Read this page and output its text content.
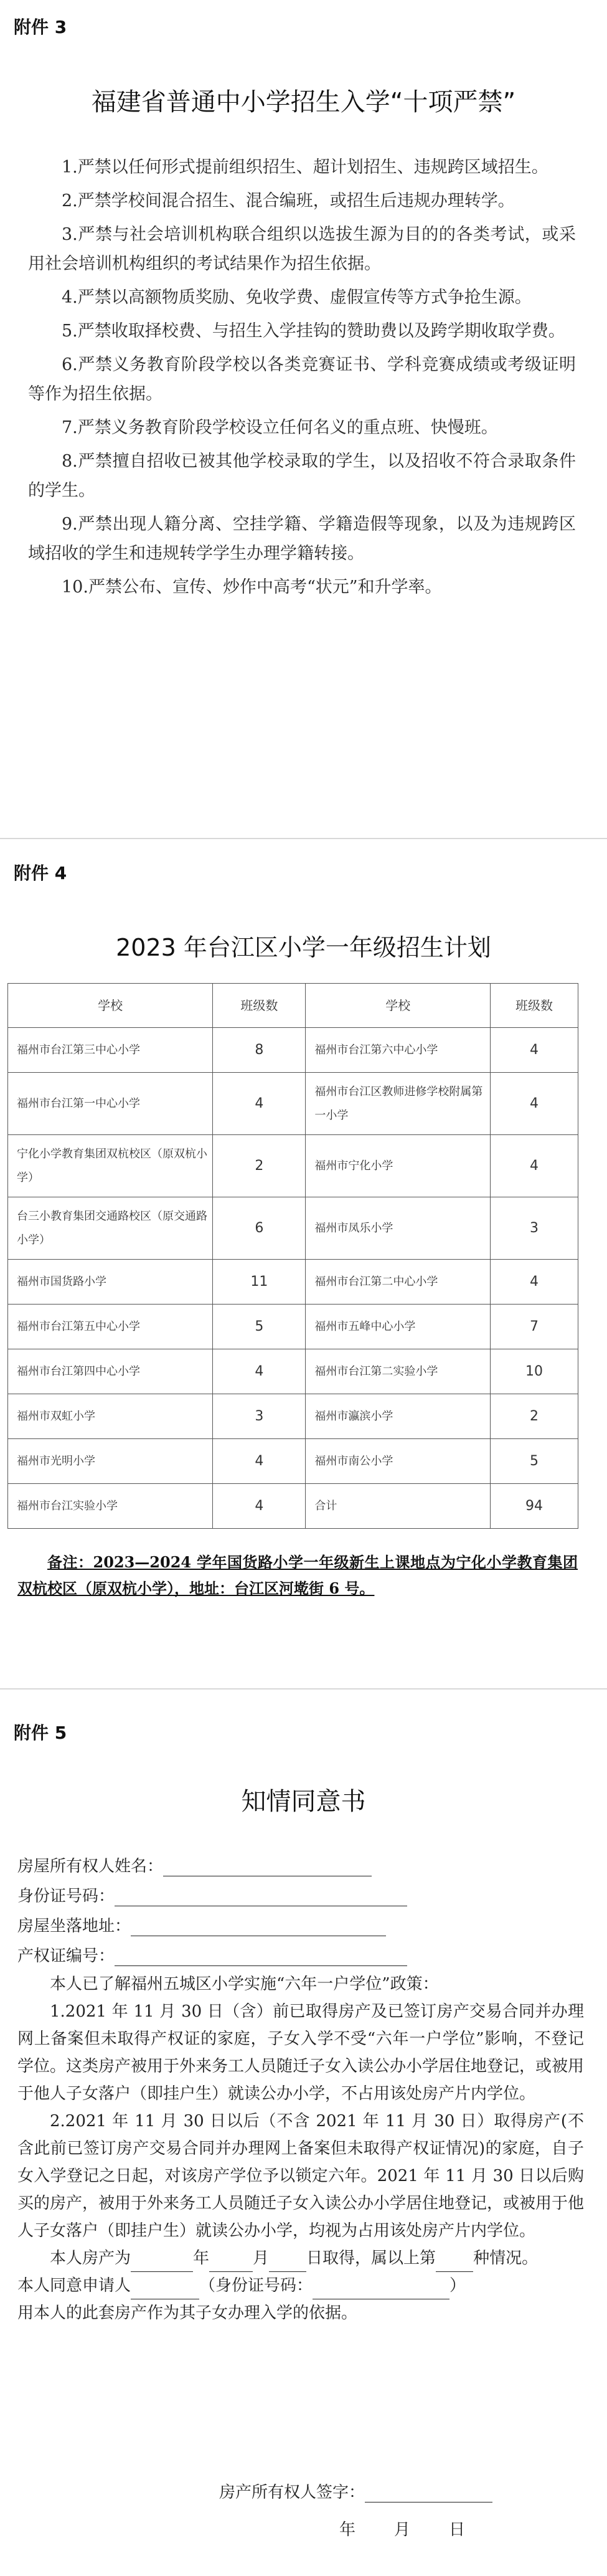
附件 3
福建省普通中小学招生入学“十项严禁”

1.严禁以任何形式提前组织招生、超计划招生、违规跨区域招生。

2.严禁学校间混合招生、混合编班，或招生后违规办理转学。

3.严禁与社会培训机构联合组织以选拔生源为目的的各类考试，或采用社会培训机构组织的考试结果作为招生依据。

4.严禁以高额物质奖励、免收学费、虚假宣传等方式争抢生源。

5.严禁收取择校费、与招生入学挂钩的赞助费以及跨学期收取学费。

6.严禁义务教育阶段学校以各类竞赛证书、学科竞赛成绩或考级证明等作为招生依据。

7.严禁义务教育阶段学校设立任何名义的重点班、快慢班。

8.严禁擅自招收已被其他学校录取的学生，以及招收不符合录取条件的学生。

9.严禁出现人籍分离、空挂学籍、学籍造假等现象，以及为违规跨区域招收的学生和违规转学学生办理学籍转接。

10.严禁公布、宣传、炒作中高考“状元”和升学率。

附件 4
2023 年台江区小学一年级招生计划
学校	班级数	学校	班级数
福州市台江第三中心小学	8	福州市台江第六中心小学	4
福州市台江第一中心小学	4	福州市台江区教师进修学校附属第一小学	4
宁化小学教育集团双杭校区（原双杭小学）	2	福州市宁化小学	4
台三小教育集团交通路校区（原交通路小学）	6	福州市凤乐小学	3
福州市国货路小学	11	福州市台江第二中心小学	4
福州市台江第五中心小学	5	福州市五峰中心小学	7
福州市台江第四中心小学	4	福州市台江第二实验小学	10
福州市双虹小学	3	福州市瀛滨小学	2
福州市光明小学	4	福州市南公小学	5
福州市台江实验小学	4	合计	94
备注：2023—2024 学年国货路小学一年级新生上课地点为宁化小学教育集团双杭校区（原双杭小学），地址：台江区河墘街 6 号。
附件 5
知情同意书
房屋所有权人姓名：
身份证号码：
房屋坐落地址：
产权证编号：

本人已了解福州五城区小学实施“六年一户学位”政策：

1.2021 年 11 月 30 日（含）前已取得房产及已签订房产交易合同并办理网上备案但未取得产权证的家庭，子女入学不受“六年一户学位”影响，不登记学位。这类房产被用于外来务工人员随迁子女入读公办小学居住地登记，或被用于他人子女落户（即挂户生）就读公办小学，不占用该处房产片内学位。

2.2021 年 11 月 30 日以后（不含 2021 年 11 月 30 日）取得房产(不含此前已签订房产交易合同并办理网上备案但未取得产权证情况)的家庭，自子女入学登记之日起，对该房产学位予以锁定六年。2021 年 11 月 30 日以后购买的房产，被用于外来务工人员随迁子女入读公办小学居住地登记，或被用于他人子女落户（即挂户生）就读公办小学，均视为占用该处房产片内学位。

本人房产为	年	月 日取得，属以上第 种情况。

本人同意申请人	（身份证号码：	）
用本人的此套房产作为其子女办理入学的依据。

房产所有权人签字：
年 月 日
